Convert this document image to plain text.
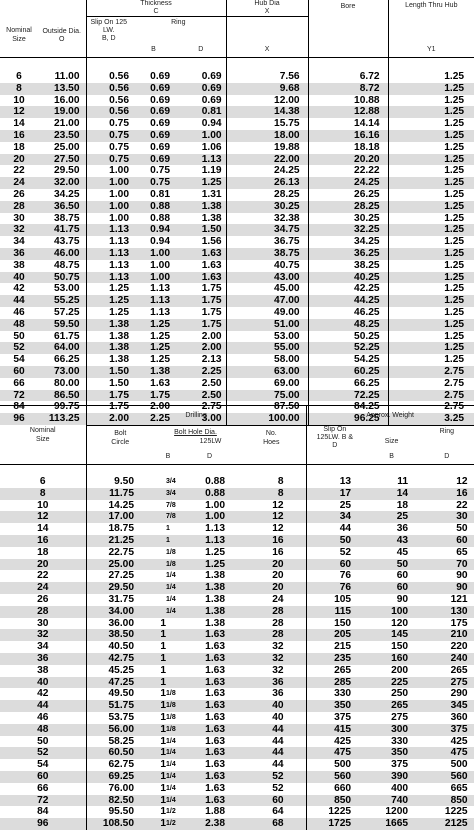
Nominal Size	Outside Dia.
O	Thickness
C			Hub Dia
X	Bore	Length Thru Hub

		Slip On 125 LW.
B, D	Ring				
			B	D	X		Y1

6	11.00	0.56	0.69	0.69	7.56	6.72	1.25
8	13.50	0.56	0.69	0.69	9.68	8.72	1.25
10	16.00	0.56	0.69	0.69	12.00	10.88	1.25
12	19.00	0.56	0.69	0.81	14.38	12.88	1.25
14	21.00	0.75	0.69	0.94	15.75	14.14	1.25
16	23.50	0.75	0.69	1.00	18.00	16.16	1.25
18	25.00	0.75	0.69	1.06	19.88	18.18	1.25
20	27.50	0.75	0.69	1.13	22.00	20.20	1.25
22	29.50	1.00	0.75	1.19	24.25	22.22	1.25
24	32.00	1.00	0.75	1.25	26.13	24.25	1.25
26	34.25	1.00	0.81	1.31	28.25	26.25	1.25
28	36.50	1.00	0.88	1.38	30.25	28.25	1.25
30	38.75	1.00	0.88	1.38	32.38	30.25	1.25
32	41.75	1.13	0.94	1.50	34.75	32.25	1.25
34	43.75	1.13	0.94	1.56	36.75	34.25	1.25
36	46.00	1.13	1.00	1.63	38.75	36.25	1.25
38	48.75	1.13	1.00	1.63	40.75	38.25	1.25
40	50.75	1.13	1.00	1.63	43.00	40.25	1.25
42	53.00	1.25	1.13	1.75	45.00	42.25	1.25
44	55.25	1.25	1.13	1.75	47.00	44.25	1.25
46	57.25	1.25	1.13	1.75	49.00	46.25	1.25
48	59.50	1.38	1.25	1.75	51.00	48.25	1.25
50	61.75	1.38	1.25	2.00	53.00	50.25	1.25
52	64.00	1.38	1.25	2.00	55.00	52.25	1.25
54	66.25	1.38	1.25	2.13	58.00	54.25	1.25
60	73.00	1.50	1.38	2.25	63.00	60.25	2.75
66	80.00	1.50	1.63	2.50	69.00	66.25	2.75
72	86.50	1.75	1.75	2.50	75.00	72.25	2.75
84	99.75	1.75	2.00	2.75	87.50	84.25	2.75
96	113.25	2.00	2.25	3.00	100.00	96.25	3.25
Nominal Size	Drilling					Approx. Weight		

	Bolt Circle	Bolt Hole Dia.
125LW			No. Hoes	Slip On 125LW. B & D	Size	Ring
		B		D			B	D

6	9.50		$^{3/4}$	0.88	8	13	11	12
8	11.75		$^{3/4}$	0.88	8	17	14	16
10	14.25		$^{7/8}$	1.00	12	25	18	22
12	17.00		$^{7/8}$	1.00	12	34	25	30
14	18.75		$^1$	1.13	12	44	36	50
16	21.25		$^1$	1.13	16	50	43	60
18	22.75		$^{1/8}$	1.25	16	52	45	65
20	25.00		$^{1/8}$	1.25	20	60	50	70
22	27.25		$^{1/4}$	1.38	20	76	60	90
24	29.50		$^{1/4}$	1.38	20	76	60	90
26	31.75		$^{1/4}$	1.38	24	105	90	121
28	34.00		$^{1/4}$	1.38	28	115	100	130
30	36.00	1		1.38	28	150	120	175
32	38.50	1		1.63	28	205	145	210
34	40.50	1		1.63	32	215	150	220
36	42.75	1		1.63	32	235	160	240
38	45.25	1		1.63	32	265	200	265
40	47.25	1		1.63	36	285	225	275
42	49.50	1	$^{1/8}$	1.63	36	330	250	290
44	51.75	1	$^{1/8}$	1.63	40	350	265	345
46	53.75	1	$^{1/8}$	1.63	40	375	275	360
48	56.00	1	$^{1/8}$	1.63	44	415	300	375
50	58.25	1	$^{1/4}$	1.63	44	425	330	425
52	60.50	1	$^{1/4}$	1.63	44	475	350	475
54	62.75	1	$^{1/4}$	1.63	44	500	375	500
60	69.25	1	$^{1/4}$	1.63	52	560	390	560
66	76.00	1	$^{1/4}$	1.63	52	660	400	665
72	82.50	1	$^{1/4}$	1.63	60	850	740	850
84	95.50	1	$^{1/2}$	1.88	64	1225	1200	1225
96	108.50	1	$^{1/2}$	2.38	68	1725	1665	2125
